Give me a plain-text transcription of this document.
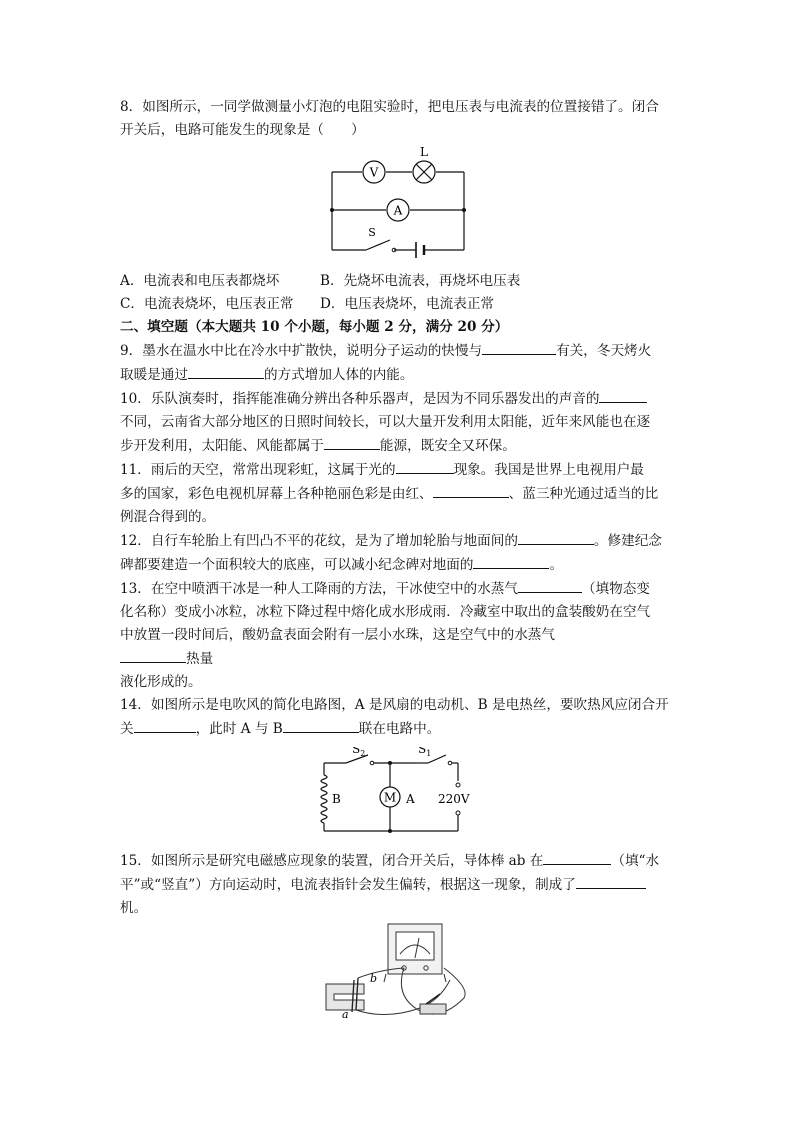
8．如图所示，一同学做测量小灯泡的电阻实验时，把电压表与电流表的位置接错了。闭合

开关后，电路可能发生的现象是（　　）

V
L
A
S
A．电流表和电压表都烧坏	B．先烧坏电流表，再烧坏电压表
C．电流表烧坏，电压表正常	D．电压表烧坏，电流表正常

二、填空题（本大题共 10 个小题，每小题 2 分，满分 20 分）

9．墨水在温水中比在冷水中扩散快，说明分子运动的快慢与	有关，冬天烤火

取暖是通过	的方式增加人体的内能。

10．乐队演奏时，指挥能准确分辨出各种乐器声，是因为不同乐器发出的声音的

不同，云南省大部分地区的日照时间较长，可以大量开发利用太阳能，近年来风能也在逐

步开发利用，太阳能、风能都属于	能源，既安全又环保。

11．雨后的天空，常常出现彩虹，这属于光的	现象。我国是世界上电视用户最

多的国家，彩色电视机屏幕上各种艳丽色彩是由红、	、蓝三种光通过适当的比

例混合得到的。

12．自行车轮胎上有凹凸不平的花纹，是为了增加轮胎与地面间的	。修建纪念

碑都要建造一个面积较大的底座，可以减小纪念碑对地面的	。

13．在空中喷洒干冰是一种人工降雨的方法，干冰使空中的水蒸气	（填物态变

化名称）变成小冰粒，冰粒下降过程中熔化成水形成雨．冷藏室中取出的盒装酸奶在空气

中放置一段时间后，酸奶盒表面会附有一层小水珠，这是空气中的水蒸气

热量

液化形成的。

14．如图所示是电吹风的简化电路图，A 是风扇的电动机、B 是电热丝，要吹热风应闭合开

关	，此时 A 与 B	联在电路中。

$S_2$	$S_1$
M A
B	220V

15．如图所示是研究电磁感应现象的装置，闭合开关后，导体棒 ab 在	（填“水

平”或“竖直”）方向运动时，电流表指针会发生偏转，根据这一现象，制成了

机。

b
a
